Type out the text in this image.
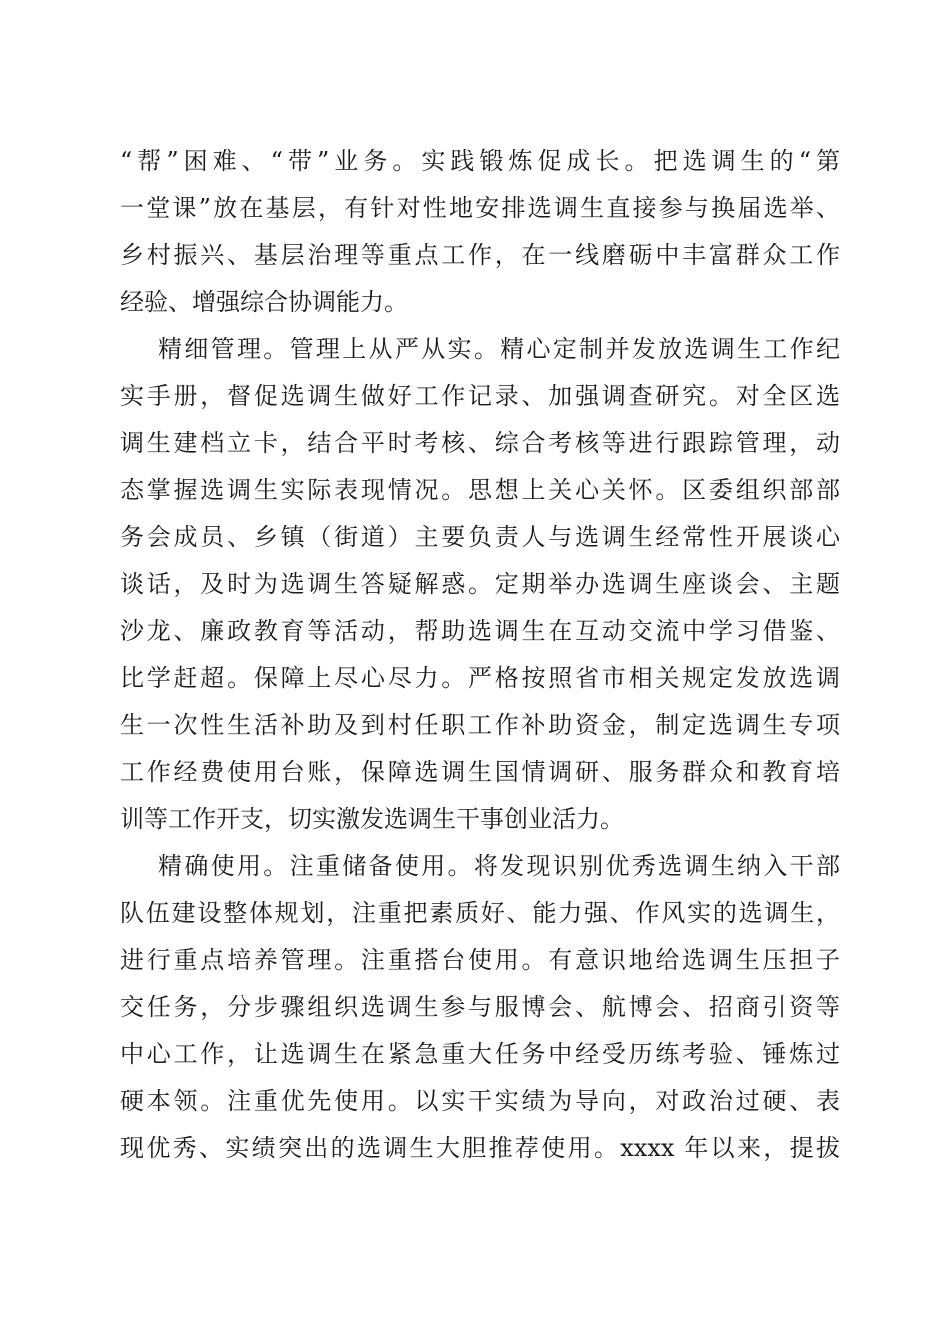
“帮”困难、“带”业务。实践锻炼促成长。把选调生的“第
一堂课”放在基层，有针对性地安排选调生直接参与换届选举、
乡村振兴、基层治理等重点工作，在一线磨砺中丰富群众工作
经验、增强综合协调能力。
精细管理。管理上从严从实。精心定制并发放选调生工作纪
实手册，督促选调生做好工作记录、加强调查研究。对全区选
调生建档立卡，结合平时考核、综合考核等进行跟踪管理，动
态掌握选调生实际表现情况。思想上关心关怀。区委组织部部
务会成员、乡镇（街道）主要负责人与选调生经常性开展谈心
谈话，及时为选调生答疑解惑。定期举办选调生座谈会、主题
沙龙、廉政教育等活动，帮助选调生在互动交流中学习借鉴、
比学赶超。保障上尽心尽力。严格按照省市相关规定发放选调
生一次性生活补助及到村任职工作补助资金，制定选调生专项
工作经费使用台账，保障选调生国情调研、服务群众和教育培
训等工作开支，切实激发选调生干事创业活力。
精确使用。注重储备使用。将发现识别优秀选调生纳入干部
队伍建设整体规划，注重把素质好、能力强、作风实的选调生，
进行重点培养管理。注重搭台使用。有意识地给选调生压担子
交任务，分步骤组织选调生参与服博会、航博会、招商引资等
中心工作，让选调生在紧急重大任务中经受历练考验、锤炼过
硬本领。注重优先使用。以实干实绩为导向，对政治过硬、表
现优秀、实绩突出的选调生大胆推荐使用。xxxx 年以来，提拔
